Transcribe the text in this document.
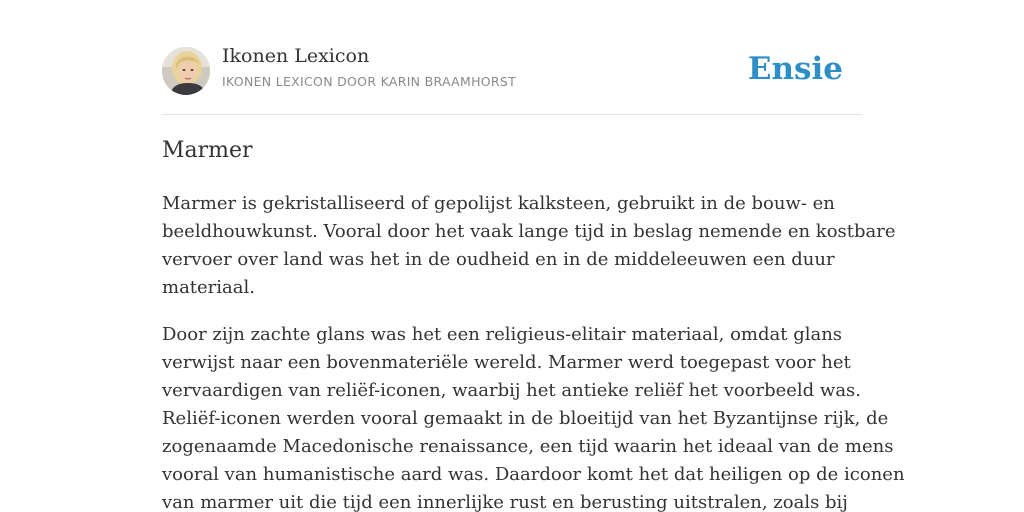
Ikonen Lexicon
IKONEN LEXICON DOOR KARIN BRAAMHORST	Ensie
Marmer

Marmer is gekristalliseerd of gepolijst kalksteen, gebruikt in de bouw- en
beeldhouwkunst. Vooral door het vaak lange tijd in beslag nemende en kostbare
vervoer over land was het in de oudheid en in de middeleeuwen een duur
materiaal.

Door zijn zachte glans was het een religieus-elitair materiaal, omdat glans
verwijst naar een bovenmateriële wereld. Marmer werd toegepast voor het
vervaardigen van reliëf-iconen, waarbij het antieke reliëf het voorbeeld was.
Reliëf-iconen werden vooral gemaakt in de bloeitijd van het Byzantijnse rijk, de
zogenaamde Macedonische renaissance, een tijd waarin het ideaal van de mens
vooral van humanistische aard was. Daardoor komt het dat heiligen op de iconen
van marmer uit die tijd een innerlijke rust en berusting uitstralen, zoals bij
